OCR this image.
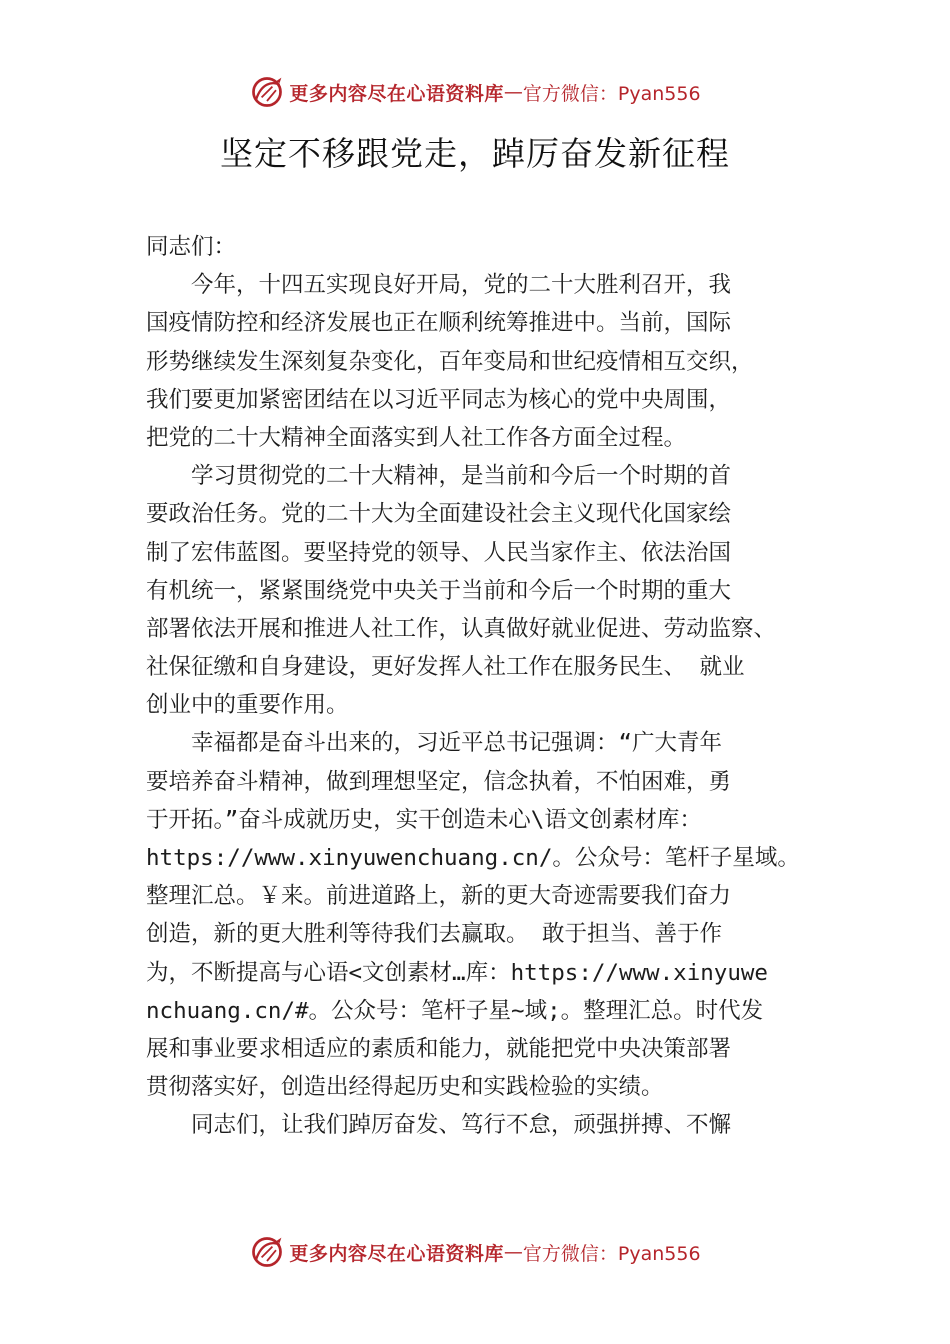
更多内容尽在心语资料库 — 官方微信：Pyan556
坚定不移跟党走，踔厉奋发新征程
同志们：
今年，十四五实现良好开局，党的二十大胜利召开，我
国疫情防控和经济发展也正在顺利统筹推进中。当前，国际
形势继续发生深刻复杂变化，百年变局和世纪疫情相互交织，
我们要更加紧密团结在以习近平同志为核心的党中央周围，
把党的二十大精神全面落实到人社工作各方面全过程。
学习贯彻党的二十大精神，是当前和今后一个时期的首
要政治任务。党的二十大为全面建设社会主义现代化国家绘
制了宏伟蓝图。要坚持党的领导、人民当家作主、依法治国
有机统一，紧紧围绕党中央关于当前和今后一个时期的重大
部署依法开展和推进人社工作，认真做好就业促进、劳动监察、
社保征缴和自身建设，更好发挥人社工作在服务民生、 就业
创业中的重要作用。
幸福都是奋斗出来的，习近平总书记强调：“广大青年
要培养奋斗精神，做到理想坚定，信念执着，不怕困难，勇
于开拓。”奋斗成就历史，实干创造未心\语文创素材库：
https://www.xinyuwenchuang.cn/。公众号：笔杆子星域。
整理汇总。￥来。前进道路上，新的更大奇迹需要我们奋力
创造，新的更大胜利等待我们去赢取。 敢于担当、善于作
为，不断提高与心语<文创素材…库：https://www.xinyuwe
nchuang.cn/#。公众号：笔杆子星~域;。整理汇总。时代发
展和事业要求相适应的素质和能力，就能把党中央决策部署
贯彻落实好，创造出经得起历史和实践检验的实绩。
同志们，让我们踔厉奋发、笃行不怠，顽强拼搏、不懈
更多内容尽在心语资料库 — 官方微信：Pyan556
